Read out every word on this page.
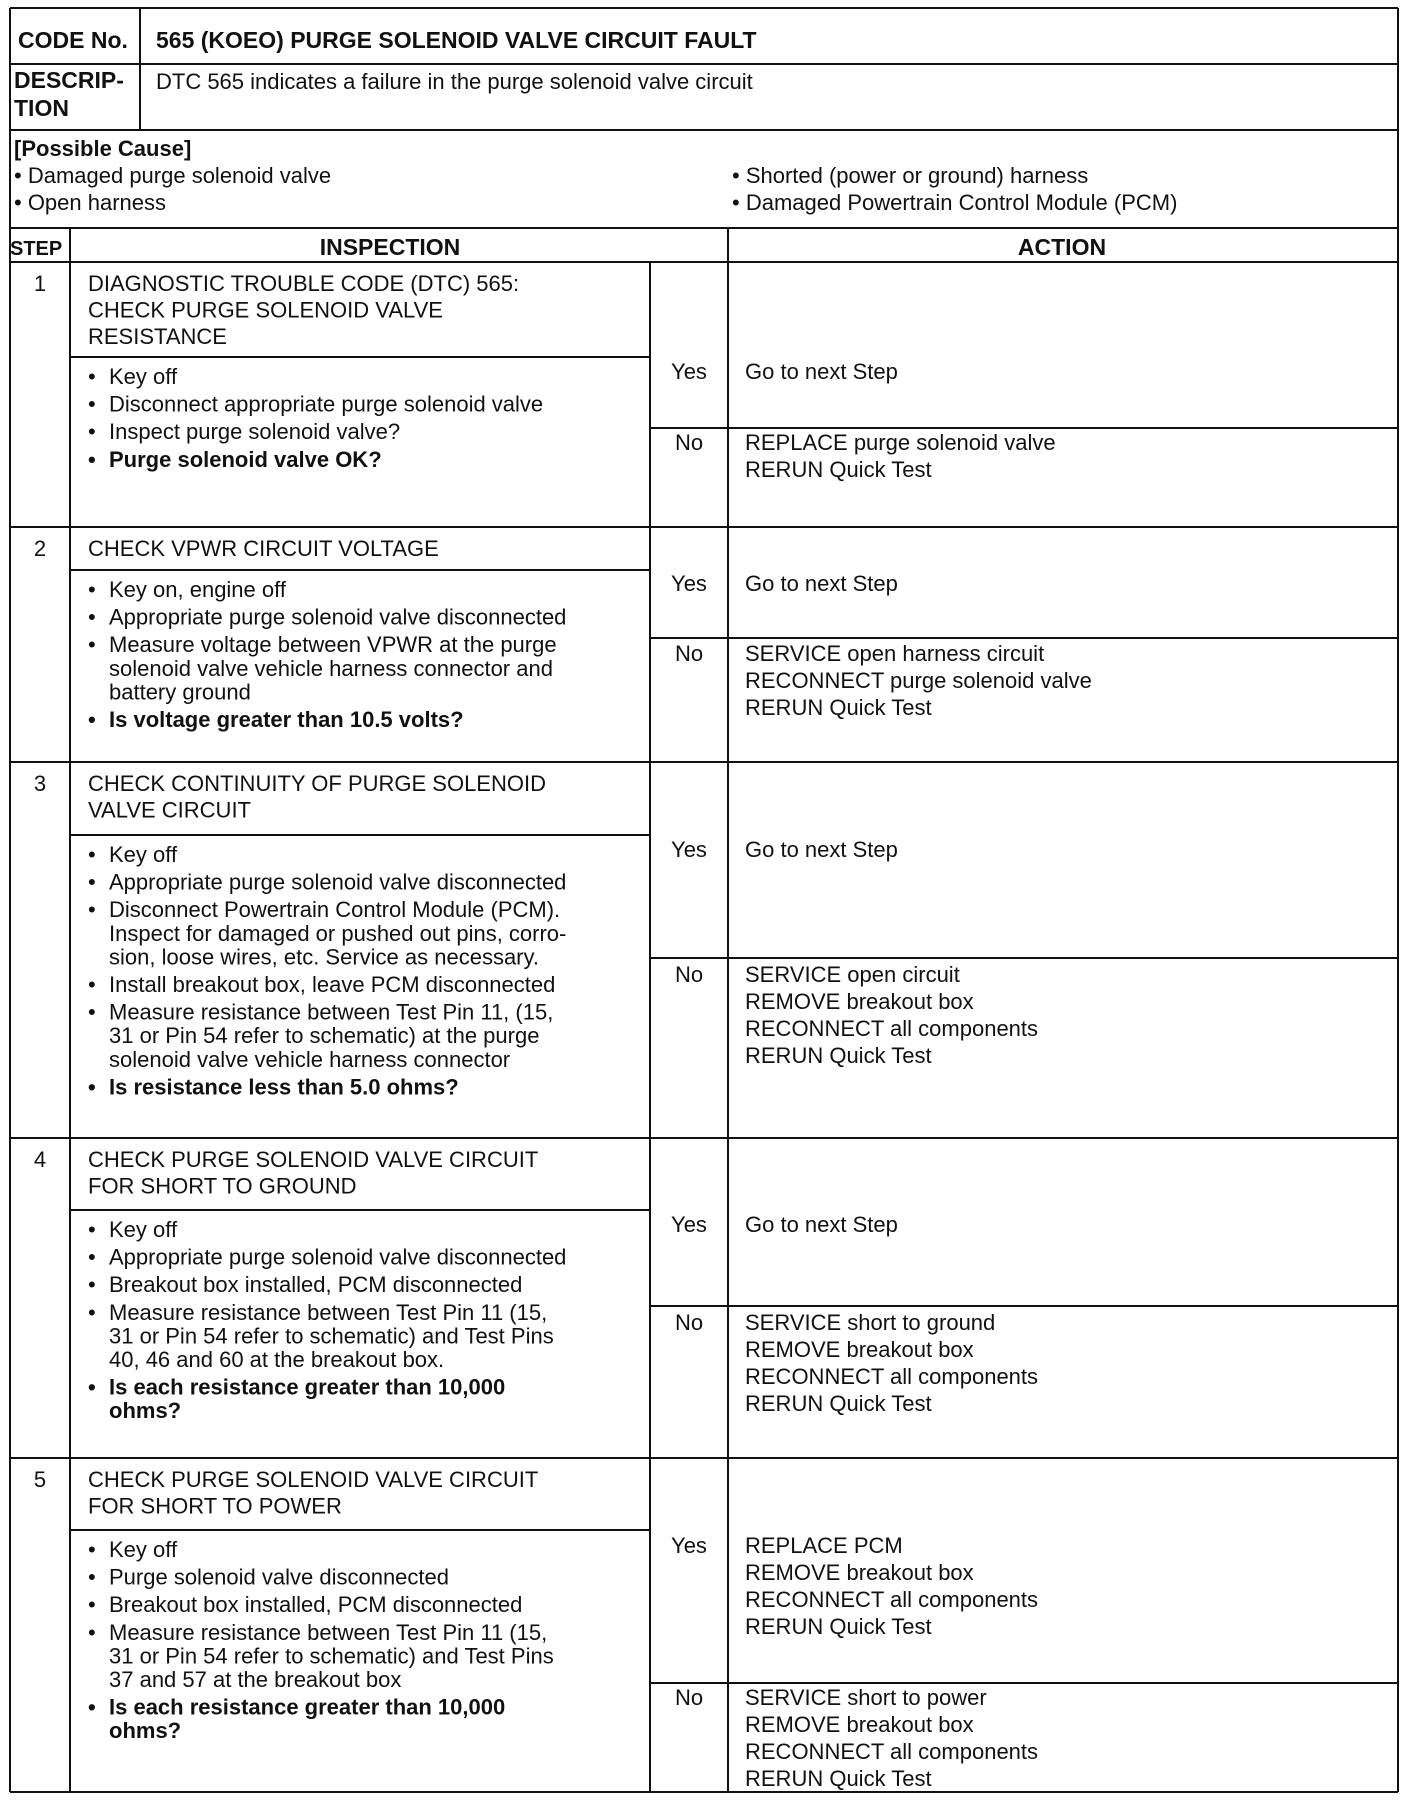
CODE No. 565 (KOEO) PURGE SOLENOID VALVE CIRCUIT FAULT
DESCRIP-
TION
DTC 565 indicates a failure in the purge solenoid valve circuit
[Possible Cause]
• Damaged purge solenoid valve
• Open harness
• Shorted (power or ground) harness
• Damaged Powertrain Control Module (PCM)
STEP	INSPECTION	ACTION
1 DIAGNOSTIC TROUBLE CODE (DTC) 565:
CHECK PURGE SOLENOID VALVE
RESISTANCE
• Key off
• Disconnect appropriate purge solenoid valve
• Inspect purge solenoid valve?
• Purge solenoid valve OK?
Yes Go to next Step
No REPLACE purge solenoid valve
RERUN Quick Test
2 CHECK VPWR CIRCUIT VOLTAGE
• Key on, engine off
• Appropriate purge solenoid valve disconnected
• Measure voltage between VPWR at the purge
solenoid valve vehicle harness connector and
battery ground
• Is voltage greater than 10.5 volts?
Yes Go to next Step
No SERVICE open harness circuit
RECONNECT purge solenoid valve
RERUN Quick Test
3 CHECK CONTINUITY OF PURGE SOLENOID
VALVE CIRCUIT
• Key off
• Appropriate purge solenoid valve disconnected
• Disconnect Powertrain Control Module (PCM).
Inspect for damaged or pushed out pins, corro-
sion, loose wires, etc. Service as necessary.
• Install breakout box, leave PCM disconnected
• Measure resistance between Test Pin 11, (15,
31 or Pin 54 refer to schematic) at the purge
solenoid valve vehicle harness connector
• Is resistance less than 5.0 ohms?
Yes Go to next Step
No SERVICE open circuit
REMOVE breakout box
RECONNECT all components
RERUN Quick Test
4 CHECK PURGE SOLENOID VALVE CIRCUIT
FOR SHORT TO GROUND
• Key off
• Appropriate purge solenoid valve disconnected
• Breakout box installed, PCM disconnected
• Measure resistance between Test Pin 11 (15,
31 or Pin 54 refer to schematic) and Test Pins
40, 46 and 60 at the breakout box.
• Is each resistance greater than 10,000
ohms?
Yes Go to next Step
No SERVICE short to ground
REMOVE breakout box
RECONNECT all components
RERUN Quick Test
5 CHECK PURGE SOLENOID VALVE CIRCUIT
FOR SHORT TO POWER
• Key off
• Purge solenoid valve disconnected
• Breakout box installed, PCM disconnected
• Measure resistance between Test Pin 11 (15,
31 or Pin 54 refer to schematic) and Test Pins
37 and 57 at the breakout box
• Is each resistance greater than 10,000
ohms?
Yes REPLACE PCM
REMOVE breakout box
RECONNECT all components
RERUN Quick Test
No SERVICE short to power
REMOVE breakout box
RECONNECT all components
RERUN Quick Test
